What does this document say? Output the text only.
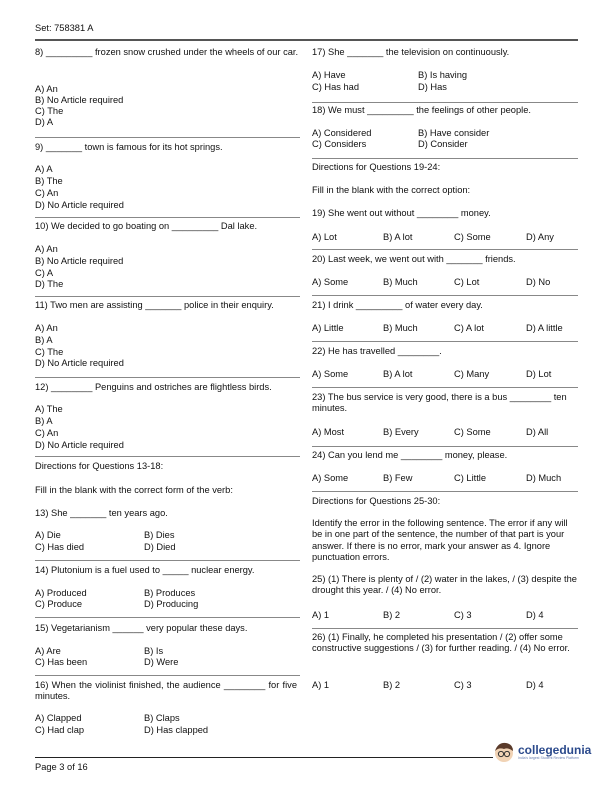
Set: 758381 A
8) _________ frozen snow crushed under the wheels of our car.
A) An
B) No Article required
C) The
D) A
9) _______ town is famous for its hot springs.
A) A
B) The
C) An
D) No Article required
10) We decided to go boating on _________ Dal lake.
A) An
B) No Article required
C) A
D) The
11) Two men are assisting _______ police in their enquiry.
A) An
B) A
C) The
D) No Article required
12) ________ Penguins and ostriches are flightless birds.
A) The
B) A
C) An
D) No Article required
Directions for Questions 13-18:
Fill in the blank with the correct form of the verb:
13) She _______ ten years ago.
A) Die	B) Dies
C) Has died	D) Died
14) Plutonium is a fuel used to _____ nuclear energy.
A) Produced	B) Produces
C) Produce	D) Producing
15) Vegetarianism ______ very popular these days.
A) Are	B) Is
C) Has been	D) Were
16) When the violinist finished, the audience ________ for five minutes.
A) Clapped	B) Claps
C) Had clap	D) Has clapped
17) She _______ the television on continuously.
A) Have	B) Is having
C) Has had	D) Has
18) We must _________ the feelings of other people.
A) Considered	B) Have consider
C) Considers	D) Consider
Directions for Questions 19-24:
Fill in the blank with the correct option:
19) She went out without ________ money.
A) Lot	B) A lot	C) Some	D) Any
20) Last week, we went out with _______ friends.
A) Some	B) Much	C) Lot	D) No
21) I drink _________ of water every day.
A) Little	B) Much	C) A lot	D) A little
22) He has travelled ________.
A) Some	B) A lot	C) Many	D) Lot
23) The bus service is very good, there is a bus ________ ten minutes.
A) Most	B) Every	C) Some	D) All
24) Can you lend me ________ money, please.
A) Some	B) Few	C) Little	D) Much
Directions for Questions 25-30:
Identify the error in the following sentence. The error if any will be in one part of the sentence, the number of that part is your answer. If there is no error, mark your answer as 4. Ignore punctuation errors.
25) (1) There is plenty of / (2) water in the lakes, / (3) despite the drought this year. / (4) No error.
A) 1	B) 2	C) 3	D) 4
26) (1) Finally, he completed his presentation / (2) offer some constructive suggestions / (3) for further reading. / (4) No error.
A) 1	B) 2	C) 3	D) 4
Page 3 of 16
collegedunia
India's largest Student Review Platform
